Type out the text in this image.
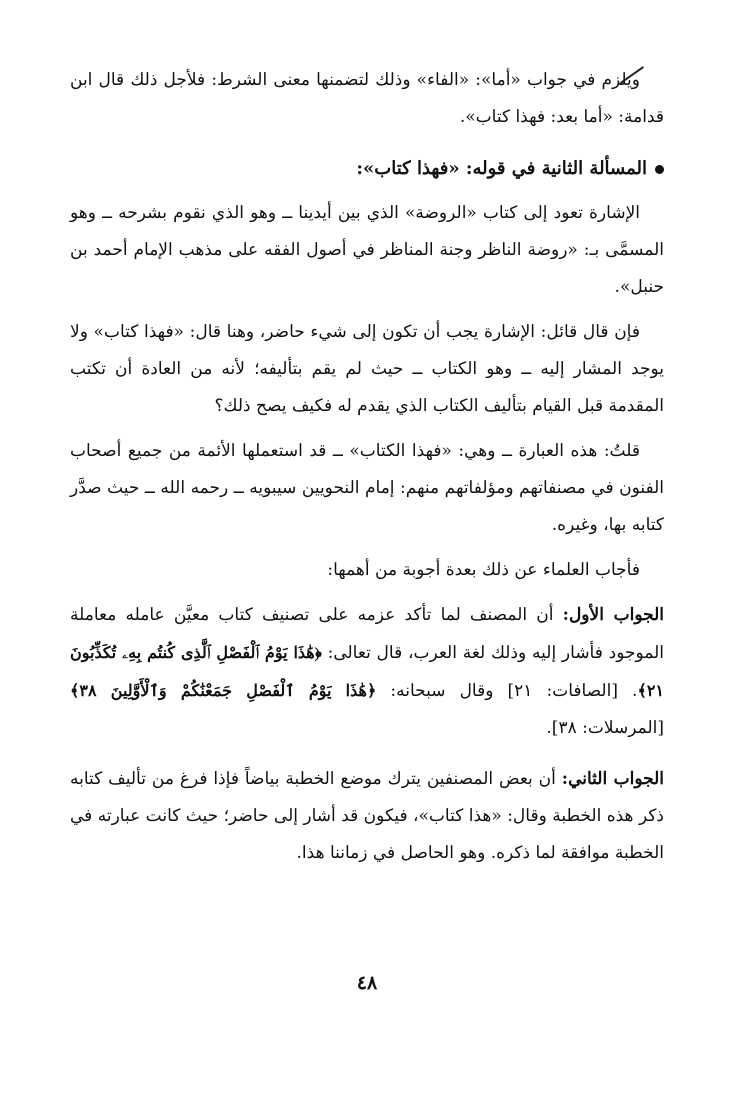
ويلزم في جواب «أما»: «الفاء» وذلك لتضمنها معنى الشرط: فلأجل ذلك قال ابن قدامة: «أما بعد: فهذا كتاب».

المسألة الثانية في قوله: «فهذا كتاب»:

الإشارة تعود إلى كتاب «الروضة» الذي بين أيدينا ــ وهو الذي نقوم بشرحه ــ وهو المسمَّى بـ: «روضة الناظر وجنة المناظر في أصول الفقه على مذهب الإمام أحمد بن حنبل».

فإن قال قائل: الإشارة يجب أن تكون إلى شيء حاضر، وهنا قال: «فهذا كتاب» ولا يوجد المشار إليه ــ وهو الكتاب ــ حيث لم يقم بتأليفه؛ لأنه من العادة أن تكتب المقدمة قبل القيام بتأليف الكتاب الذي يقدم له فكيف يصح ذلك؟

قلتُ: هذه العبارة ــ وهي: «فهذا الكتاب» ــ قد استعملها الأئمة من جميع أصحاب الفنون في مصنفاتهم ومؤلفاتهم منهم: إمام النحويين سيبويه ــ رحمه الله ــ حيث صدَّر كتابه بها، وغيره.

فأجاب العلماء عن ذلك بعدة أجوبة من أهمها:

الجواب الأول: أن المصنف لما تأكد عزمه على تصنيف كتاب معيَّن عامله معاملة الموجود فأشار إليه وذلك لغة العرب، قال تعالى: ﴿هَٰذَا يَوْمُ ٱلْفَصْلِ ٱلَّذِى كُنتُم بِهِۦ تُكَذِّبُونَ ٢١﴾. [الصافات: ٢١] وقال سبحانه: ﴿هَٰذَا يَوْمُ ٱلْفَصْلِ جَمَعْنَٰكُمْ وَٱلْأَوَّلِينَ ٣٨﴾ [المرسلات: ٣٨].

الجواب الثاني: أن بعض المصنفين يترك موضع الخطبة بياضاً فإذا فرغ من تأليف كتابه ذكر هذه الخطبة وقال: «هذا كتاب»، فيكون قد أشار إلى حاضر؛ حيث كانت عبارته في الخطبة موافقة لما ذكره. وهو الحاصل في زماننا هذا.

٤٨
